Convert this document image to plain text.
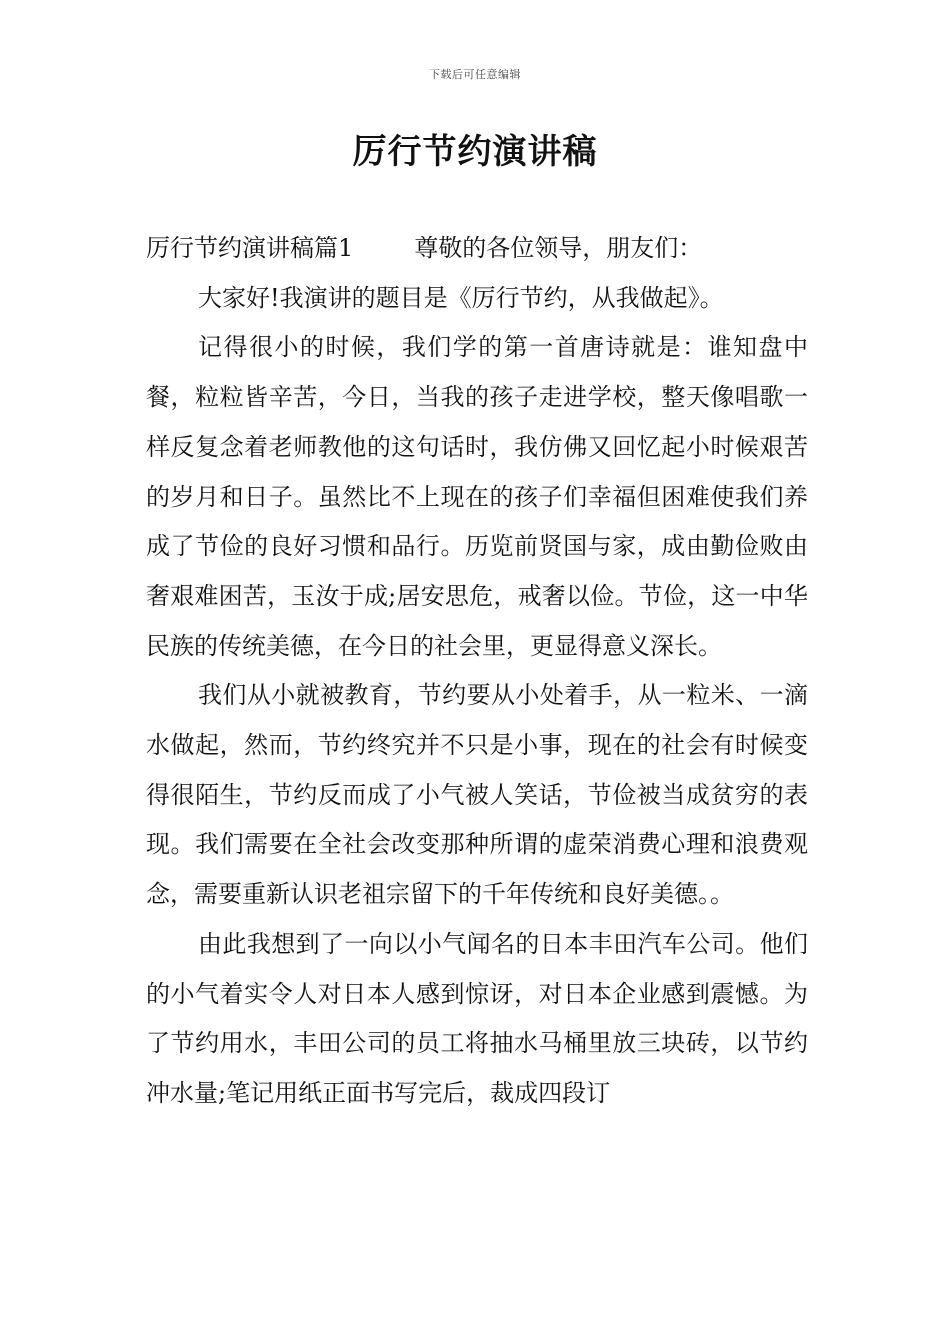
下载后可任意编辑
厉行节约演讲稿

厉行节约演讲稿篇1	尊敬的各位领导，朋友们：

大家好!我演讲的题目是《厉行节约，从我做起》。

记得很小的时候，我们学的第一首唐诗就是：谁知盘中餐，粒粒皆辛苦，今日，当我的孩子走进学校，整天像唱歌一样反复念着老师教他的这句话时，我仿佛又回忆起小时候艰苦的岁月和日子。虽然比不上现在的孩子们幸福但困难使我们养成了节俭的良好习惯和品行。历览前贤国与家，成由勤俭败由奢艰难困苦，玉汝于成;居安思危，戒奢以俭。节俭，这一中华民族的传统美德，在今日的社会里，更显得意义深长。

我们从小就被教育，节约要从小处着手，从一粒米、一滴水做起，然而，节约终究并不只是小事，现在的社会有时候变得很陌生，节约反而成了小气被人笑话，节俭被当成贫穷的表现。我们需要在全社会改变那种所谓的虚荣消费心理和浪费观念，需要重新认识老祖宗留下的千年传统和良好美德。。

由此我想到了一向以小气闻名的日本丰田汽车公司。他们的小气着实令人对日本人感到惊讶，对日本企业感到震憾。为了节约用水，丰田公司的员工将抽水马桶里放三块砖，以节约冲水量;笔记用纸正面书写完后，裁成四段订
